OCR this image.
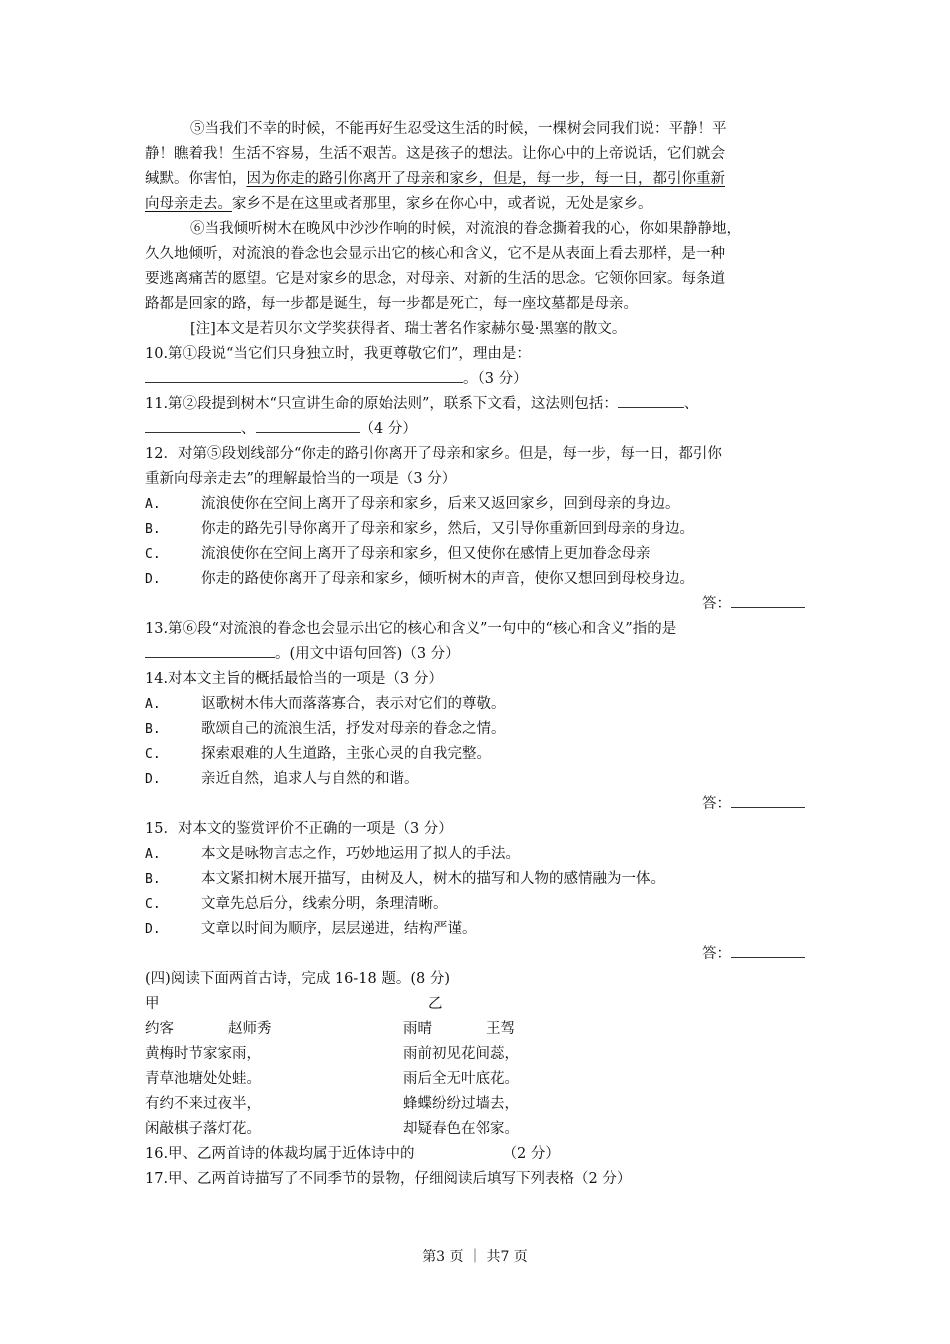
⑤当我们不幸的时候，不能再好生忍受这生活的时候，一棵树会同我们说：平静！平
静！瞧着我！生活不容易，生活不艰苦。这是孩子的想法。让你心中的上帝说话，它们就会
缄默。你害怕，因为你走的路引你离开了母亲和家乡，但是，每一步，每一日，都引你重新
向母亲走去。家乡不是在这里或者那里，家乡在你心中，或者说，无处是家乡。
⑥当我倾听树木在晚风中沙沙作响的时候，对流浪的眷念撕着我的心，你如果静静地，
久久地倾听，对流浪的眷念也会显示出它的核心和含义，它不是从表面上看去那样，是一种
要逃离痛苦的愿望。它是对家乡的思念，对母亲、对新的生活的思念。它领你回家。每条道
路都是回家的路，每一步都是诞生，每一步都是死亡，每一座坟墓都是母亲。
[注]本文是若贝尔文学奖获得者、瑞士著名作家赫尔曼·黑塞的散文。
10.第①段说“当它们只身独立时，我更尊敬它们”，理由是：
。（3 分）
11.第②段提到树木“只宣讲生命的原始法则”，联系下文看，这法则包括：	、
、	（4 分）
12．对第⑤段划线部分“你走的路引你离开了母亲和家乡。但是，每一步，每一日，都引你
重新向母亲走去”的理解最恰当的一项是（3 分）
A.	流浪使你在空间上离开了母亲和家乡，后来又返回家乡，回到母亲的身边。
B.	你走的路先引导你离开了母亲和家乡，然后，又引导你重新回到母亲的身边。
C.	流浪使你在空间上离开了母亲和家乡，但又使你在感情上更加眷念母亲
D.	你走的路使你离开了母亲和家乡，倾听树木的声音，使你又想回到母校身边。
答：
13.第⑥段“对流浪的眷念也会显示出它的核心和含义”一句中的“核心和含义”指的是
。(用文中语句回答)（3 分）
14.对本文主旨的概括最恰当的一项是（3 分）
A.	讴歌树木伟大而落落寡合，表示对它们的尊敬。
B.	歌颂自己的流浪生活，抒发对母亲的眷念之情。
C.	探索艰难的人生道路，主张心灵的自我完整。
D.	亲近自然，追求人与自然的和谐。
答：
15．对本文的鉴赏评价不正确的一项是（3 分）
A.	本文是咏物言志之作，巧妙地运用了拟人的手法。
B.	本文紧扣树木展开描写，由树及人，树木的描写和人物的感情融为一体。
C.	文章先总后分，线索分明，条理清晰。
D.	文章以时间为顺序，层层递进，结构严谨。
答：
(四)阅读下面两首古诗，完成 16-18 题。(8 分)
甲	乙
约客	赵师秀	雨晴	王驾
黄梅时节家家雨，	雨前初见花间蕊，
青草池塘处处蛙。	雨后全无叶底花。
有约不来过夜半，	蜂蝶纷纷过墙去，
闲敲棋子落灯花。	却疑春色在邻家。
16.甲、乙两首诗的体裁均属于近体诗中的	（2 分）
17.甲、乙两首诗描写了不同季节的景物，仔细阅读后填写下列表格（2 分）
第3 页 ｜ 共7 页
